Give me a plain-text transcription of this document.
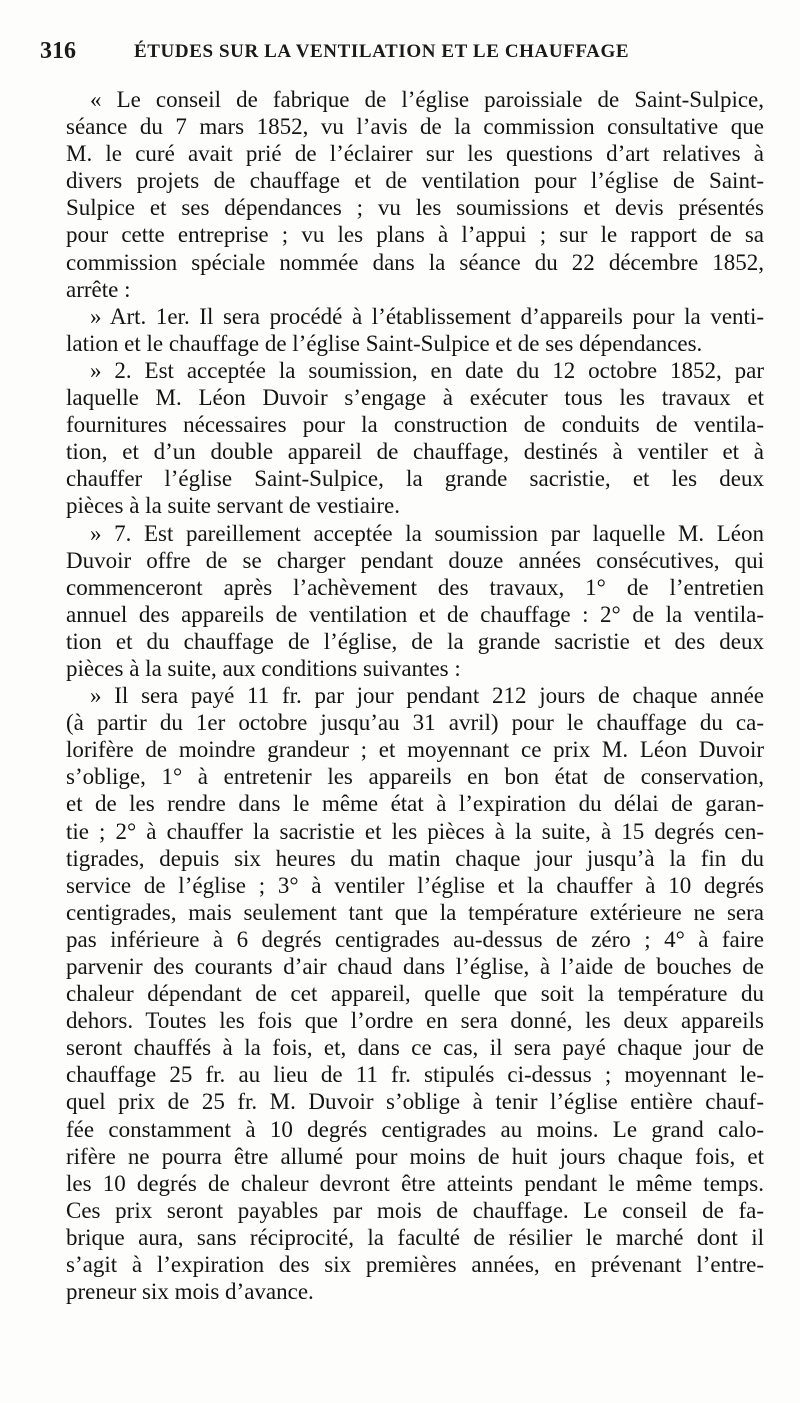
316	ÉTUDES SUR LA VENTILATION ET LE CHAUFFAGE
« Le conseil de fabrique de l’église paroissiale de Saint-Sulpice,
séance du 7 mars 1852, vu l’avis de la commission consultative que
M. le curé avait prié de l’éclairer sur les questions d’art relatives à
divers projets de chauffage et de ventilation pour l’église de Saint-
Sulpice et ses dépendances ; vu les soumissions et devis présentés
pour cette entreprise ; vu les plans à l’appui ; sur le rapport de sa
commission spéciale nommée dans la séance du 22 décembre 1852,
arrête :
» Art. 1er. Il sera procédé à l’établissement d’appareils pour la venti-
lation et le chauffage de l’église Saint-Sulpice et de ses dépendances.
» 2. Est acceptée la soumission, en date du 12 octobre 1852, par
laquelle M. Léon Duvoir s’engage à exécuter tous les travaux et
fournitures nécessaires pour la construction de conduits de ventila-
tion, et d’un double appareil de chauffage, destinés à ventiler et à
chauffer l’église Saint-Sulpice, la grande sacristie, et les deux
pièces à la suite servant de vestiaire.
» 7. Est pareillement acceptée la soumission par laquelle M. Léon
Duvoir offre de se charger pendant douze années consécutives, qui
commenceront après l’achèvement des travaux, 1° de l’entretien
annuel des appareils de ventilation et de chauffage : 2° de la ventila-
tion et du chauffage de l’église, de la grande sacristie et des deux
pièces à la suite, aux conditions suivantes :
» Il sera payé 11 fr. par jour pendant 212 jours de chaque année
(à partir du 1er octobre jusqu’au 31 avril) pour le chauffage du ca-
lorifère de moindre grandeur ; et moyennant ce prix M. Léon Duvoir
s’oblige, 1° à entretenir les appareils en bon état de conservation,
et de les rendre dans le même état à l’expiration du délai de garan-
tie ; 2° à chauffer la sacristie et les pièces à la suite, à 15 degrés cen-
tigrades, depuis six heures du matin chaque jour jusqu’à la fin du
service de l’église ; 3° à ventiler l’église et la chauffer à 10 degrés
centigrades, mais seulement tant que la température extérieure ne sera
pas inférieure à 6 degrés centigrades au-dessus de zéro ; 4° à faire
parvenir des courants d’air chaud dans l’église, à l’aide de bouches de
chaleur dépendant de cet appareil, quelle que soit la température du
dehors. Toutes les fois que l’ordre en sera donné, les deux appareils
seront chauffés à la fois, et, dans ce cas, il sera payé chaque jour de
chauffage 25 fr. au lieu de 11 fr. stipulés ci-dessus ; moyennant le-
quel prix de 25 fr. M. Duvoir s’oblige à tenir l’église entière chauf-
fée constamment à 10 degrés centigrades au moins. Le grand calo-
rifère ne pourra être allumé pour moins de huit jours chaque fois, et
les 10 degrés de chaleur devront être atteints pendant le même temps.
Ces prix seront payables par mois de chauffage. Le conseil de fa-
brique aura, sans réciprocité, la faculté de résilier le marché dont il
s’agit à l’expiration des six premières années, en prévenant l’entre-
preneur six mois d’avance.
